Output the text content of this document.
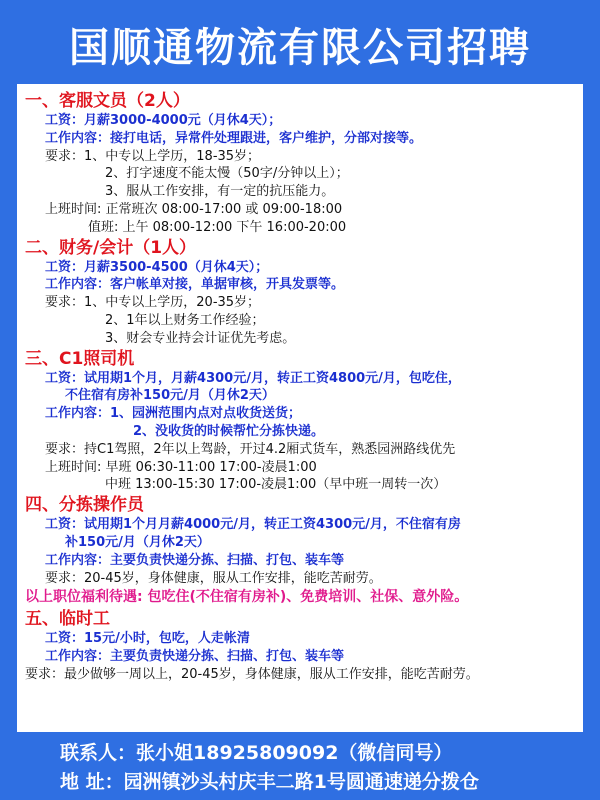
国顺通物流有限公司招聘
一、客服文员（2人）
工资：月薪3000-4000元（月休4天）；
工作内容：接打电话，异常件处理跟进，客户维护，分部对接等。
要求：1、中专以上学历，18-35岁；
2、打字速度不能太慢（50字/分钟以上）；
3、服从工作安排，有一定的抗压能力。
上班时间: 正常班次 08:00-17:00 或 09:00-18:00
值班: 上午 08:00-12:00 下午 16:00-20:00
二、财务/会计（1人）
工资：月薪3500-4500（月休4天）；
工作内容：客户帐单对接，单据审核，开具发票等。
要求：1、中专以上学历，20-35岁；
2、1年以上财务工作经验；
3、财会专业持会计证优先考虑。
三、C1照司机
工资：试用期1个月，月薪4300元/月，转正工资4800元/月，包吃住，
不住宿有房补150元/月（月休2天）
工作内容：1、园洲范围内点对点收货送货；
2、没收货的时候帮忙分拣快递。
要求：持C1驾照，2年以上驾龄，开过4.2厢式货车，熟悉园洲路线优先
上班时间: 早班 06:30-11:00 17:00-凌晨1:00
中班 13:00-15:30 17:00-凌晨1:00（早中班一周转一次）
四、分拣操作员
工资：试用期1个月月薪4000元/月，转正工资4300元/月，不住宿有房
补150元/月（月休2天）
工作内容：主要负责快递分拣、扫描、打包、装车等
要求：20-45岁，身体健康，服从工作安排，能吃苦耐劳。
以上职位福利待遇: 包吃住(不住宿有房补)、免费培训、社保、意外险。
五、临时工
工资：15元/小时，包吃，人走帐清
工作内容：主要负责快递分拣、扫描、打包、装车等
要求：最少做够一周以上，20-45岁，身体健康，服从工作安排，能吃苦耐劳。
联系人：张小姐18925809092（微信同号）
地 址：园洲镇沙头村庆丰二路1号圆通速递分拨仓
